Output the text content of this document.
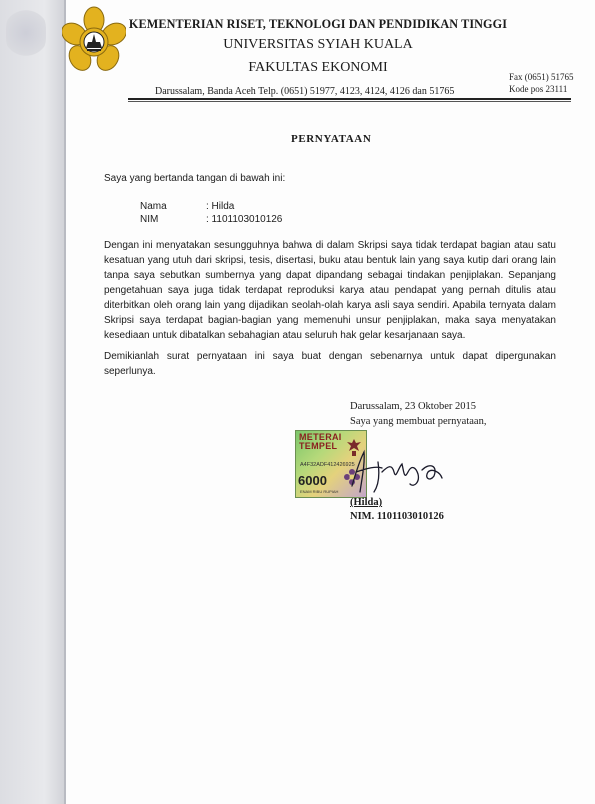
KEMENTERIAN RISET, TEKNOLOGI DAN PENDIDIKAN TINGGI
UNIVERSITAS SYIAH KUALA
FAKULTAS EKONOMI
Darussalam, Banda Aceh Telp. (0651) 51977, 4123, 4124, 4126 dan 51765
Fax (0651) 51765
Kode pos 23111
PERNYATAAN
Saya yang bertanda tangan di bawah ini:
Nama	: Hilda
NIM	: 1101103010126

Dengan ini menyatakan sesungguhnya bahwa di dalam Skripsi saya tidak terdapat bagian atau satu kesatuan yang utuh dari skripsi, tesis, disertasi, buku atau bentuk lain yang saya kutip dari orang lain tanpa saya sebutkan sumbernya yang dapat dipandang sebagai tindakan penjiplakan. Sepanjang pengetahuan saya juga tidak terdapat reproduksi karya atau pendapat yang pernah ditulis atau diterbitkan oleh orang lain yang dijadikan seolah-olah karya asli saya sendiri. Apabila ternyata dalam Skripsi saya terdapat bagian-bagian yang memenuhi unsur penjiplakan, maka saya menyatakan kesediaan untuk dibatalkan sebahagian atau seluruh hak gelar kesarjanaan saya.

Demikianlah surat pernyataan ini saya buat dengan sebenarnya untuk dapat dipergunakan seperlunya.

Darussalam, 23 Oktober 2015
Saya yang membuat pernyataan,
METERAI
TEMPEL
A4F32ADF412426925
6000
ENAM RIBU RUPIAH
(Hilda)
NIM. 1101103010126
